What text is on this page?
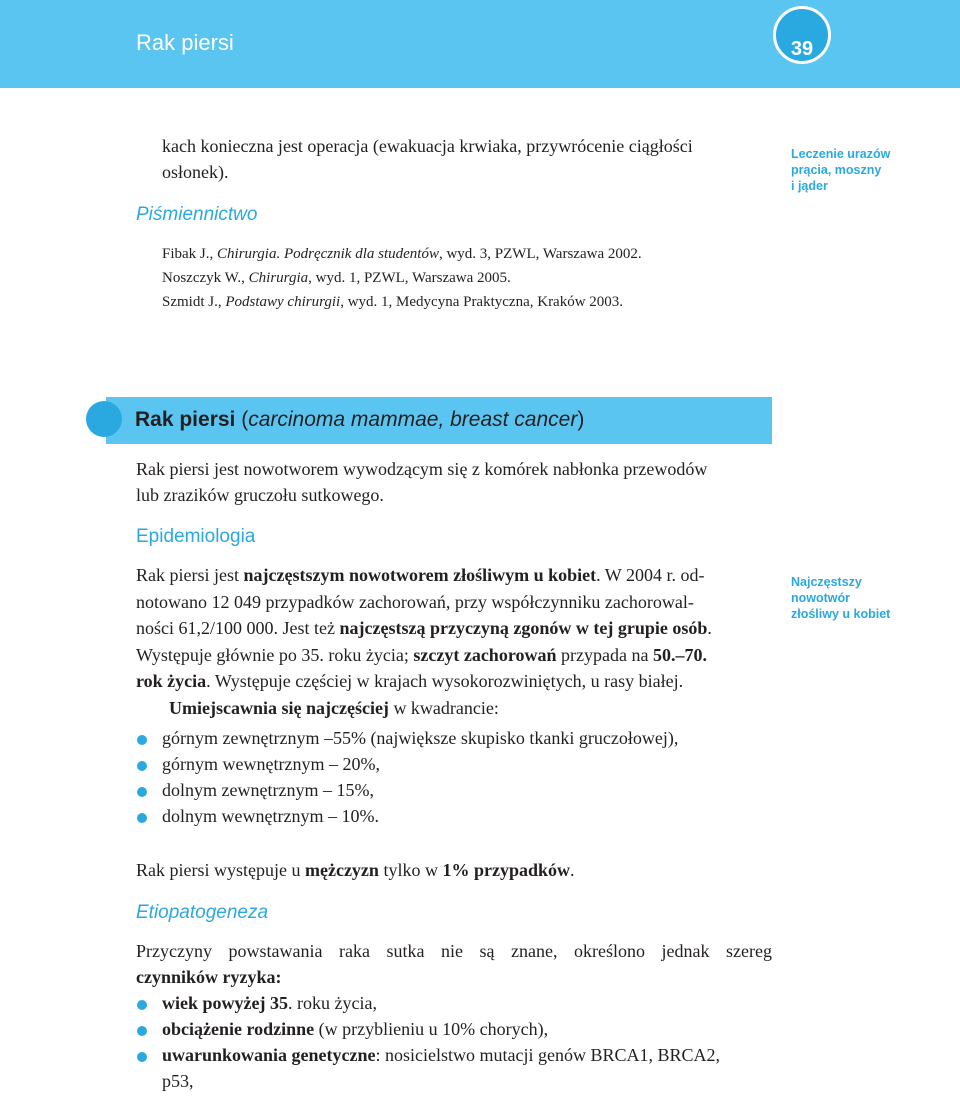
Rak piersi	39
kach konieczna jest operacja (ewakuacja krwiaka, przywrócenie ciągłości
osłonek).
Leczenie urazów
prącia, moszny
i jąder
Piśmiennictwo
Fibak J., Chirurgia. Podręcznik dla studentów, wyd. 3, PZWL, Warszawa 2002.
Noszczyk W., Chirurgia, wyd. 1, PZWL, Warszawa 2005.
Szmidt J., Podstawy chirurgii, wyd. 1, Medycyna Praktyczna, Kraków 2003.
Rak piersi (carcinoma mammae, breast cancer)
Rak piersi jest nowotworem wywodzącym się z komórek nabłonka przewodów
lub zrazików gruczołu sutkowego.
Epidemiologia
Rak piersi jest najczęstszym nowotworem złośliwym u kobiet. W 2004 r. od-
notowano 12 049 przypadków zachorowań, przy współczynniku zachorowal-
ności 61,2/100 000. Jest też najczęstszą przyczyną zgonów w tej grupie osób.
Występuje głównie po 35. roku życia; szczyt zachorowań przypada na 50.–70.
rok życia. Występuje częściej w krajach wysokorozwiniętych, u rasy białej.
Umiejscawnia się najczęściej w kwadrancie:
Najczęstszy
nowotwór
złośliwy u kobiet
górnym zewnętrznym –55% (największe skupisko tkanki gruczołowej),
górnym wewnętrznym – 20%,
dolnym zewnętrznym – 15%,
dolnym wewnętrznym – 10%.
Rak piersi występuje u mężczyzn tylko w 1% przypadków.
Etiopatogeneza
Przyczyny powstawania raka sutka nie są znane, określono jednak szereg
czynników ryzyka:
wiek powyżej 35. roku życia,
obciążenie rodzinne (w przyblieniu u 10% chorych),
uwarunkowania genetyczne: nosicielstwo mutacji genów BRCA1, BRCA2,
p53,
